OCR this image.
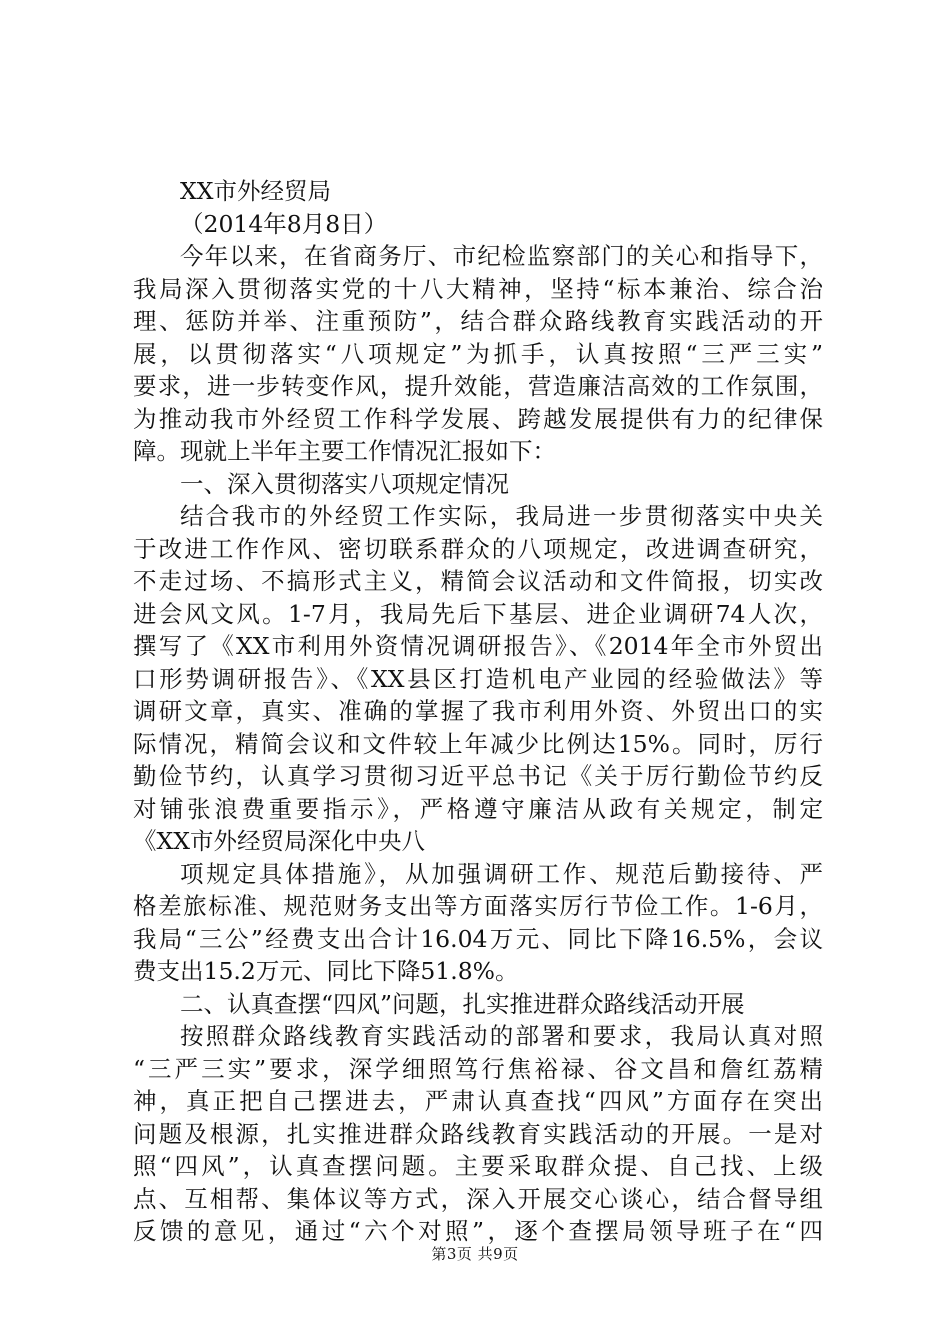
XX市外经贸局
（2014年8月8日）
今年以来，在省商务厅、市纪检监察部门的关心和指导下，
我局深入贯彻落实党的十八大精神，坚持“标本兼治、综合治
理、惩防并举、注重预防”，结合群众路线教育实践活动的开
展，以贯彻落实“八项规定”为抓手，认真按照“三严三实”
要求，进一步转变作风，提升效能，营造廉洁高效的工作氛围，
为推动我市外经贸工作科学发展、跨越发展提供有力的纪律保
障。现就上半年主要工作情况汇报如下：
一、深入贯彻落实八项规定情况
结合我市的外经贸工作实际，我局进一步贯彻落实中央关
于改进工作作风、密切联系群众的八项规定，改进调查研究，
不走过场、不搞形式主义，精简会议活动和文件简报，切实改
进会风文风。1-7月，我局先后下基层、进企业调研74人次，
撰写了《XX市利用外资情况调研报告》、《2014年全市外贸出
口形势调研报告》、《XX县区打造机电产业园的经验做法》等
调研文章，真实、准确的掌握了我市利用外资、外贸出口的实
际情况，精简会议和文件较上年减少比例达15%。同时，厉行
勤俭节约，认真学习贯彻习近平总书记《关于厉行勤俭节约反
对铺张浪费重要指示》，严格遵守廉洁从政有关规定，制定
《XX市外经贸局深化中央八
项规定具体措施》，从加强调研工作、规范后勤接待、严
格差旅标准、规范财务支出等方面落实厉行节俭工作。1-6月，
我局“三公”经费支出合计16.04万元、同比下降16.5%，会议
费支出15.2万元、同比下降51.8%。
二、认真查摆“四风”问题，扎实推进群众路线活动开展
按照群众路线教育实践活动的部署和要求，我局认真对照
“三严三实”要求，深学细照笃行焦裕禄、谷文昌和詹红荔精
神，真正把自己摆进去，严肃认真查找“四风”方面存在突出
问题及根源，扎实推进群众路线教育实践活动的开展。一是对
照“四风”，认真查摆问题。主要采取群众提、自己找、上级
点、互相帮、集体议等方式，深入开展交心谈心，结合督导组
反馈的意见，通过“六个对照”，逐个查摆局领导班子在“四
第3页 共9页
